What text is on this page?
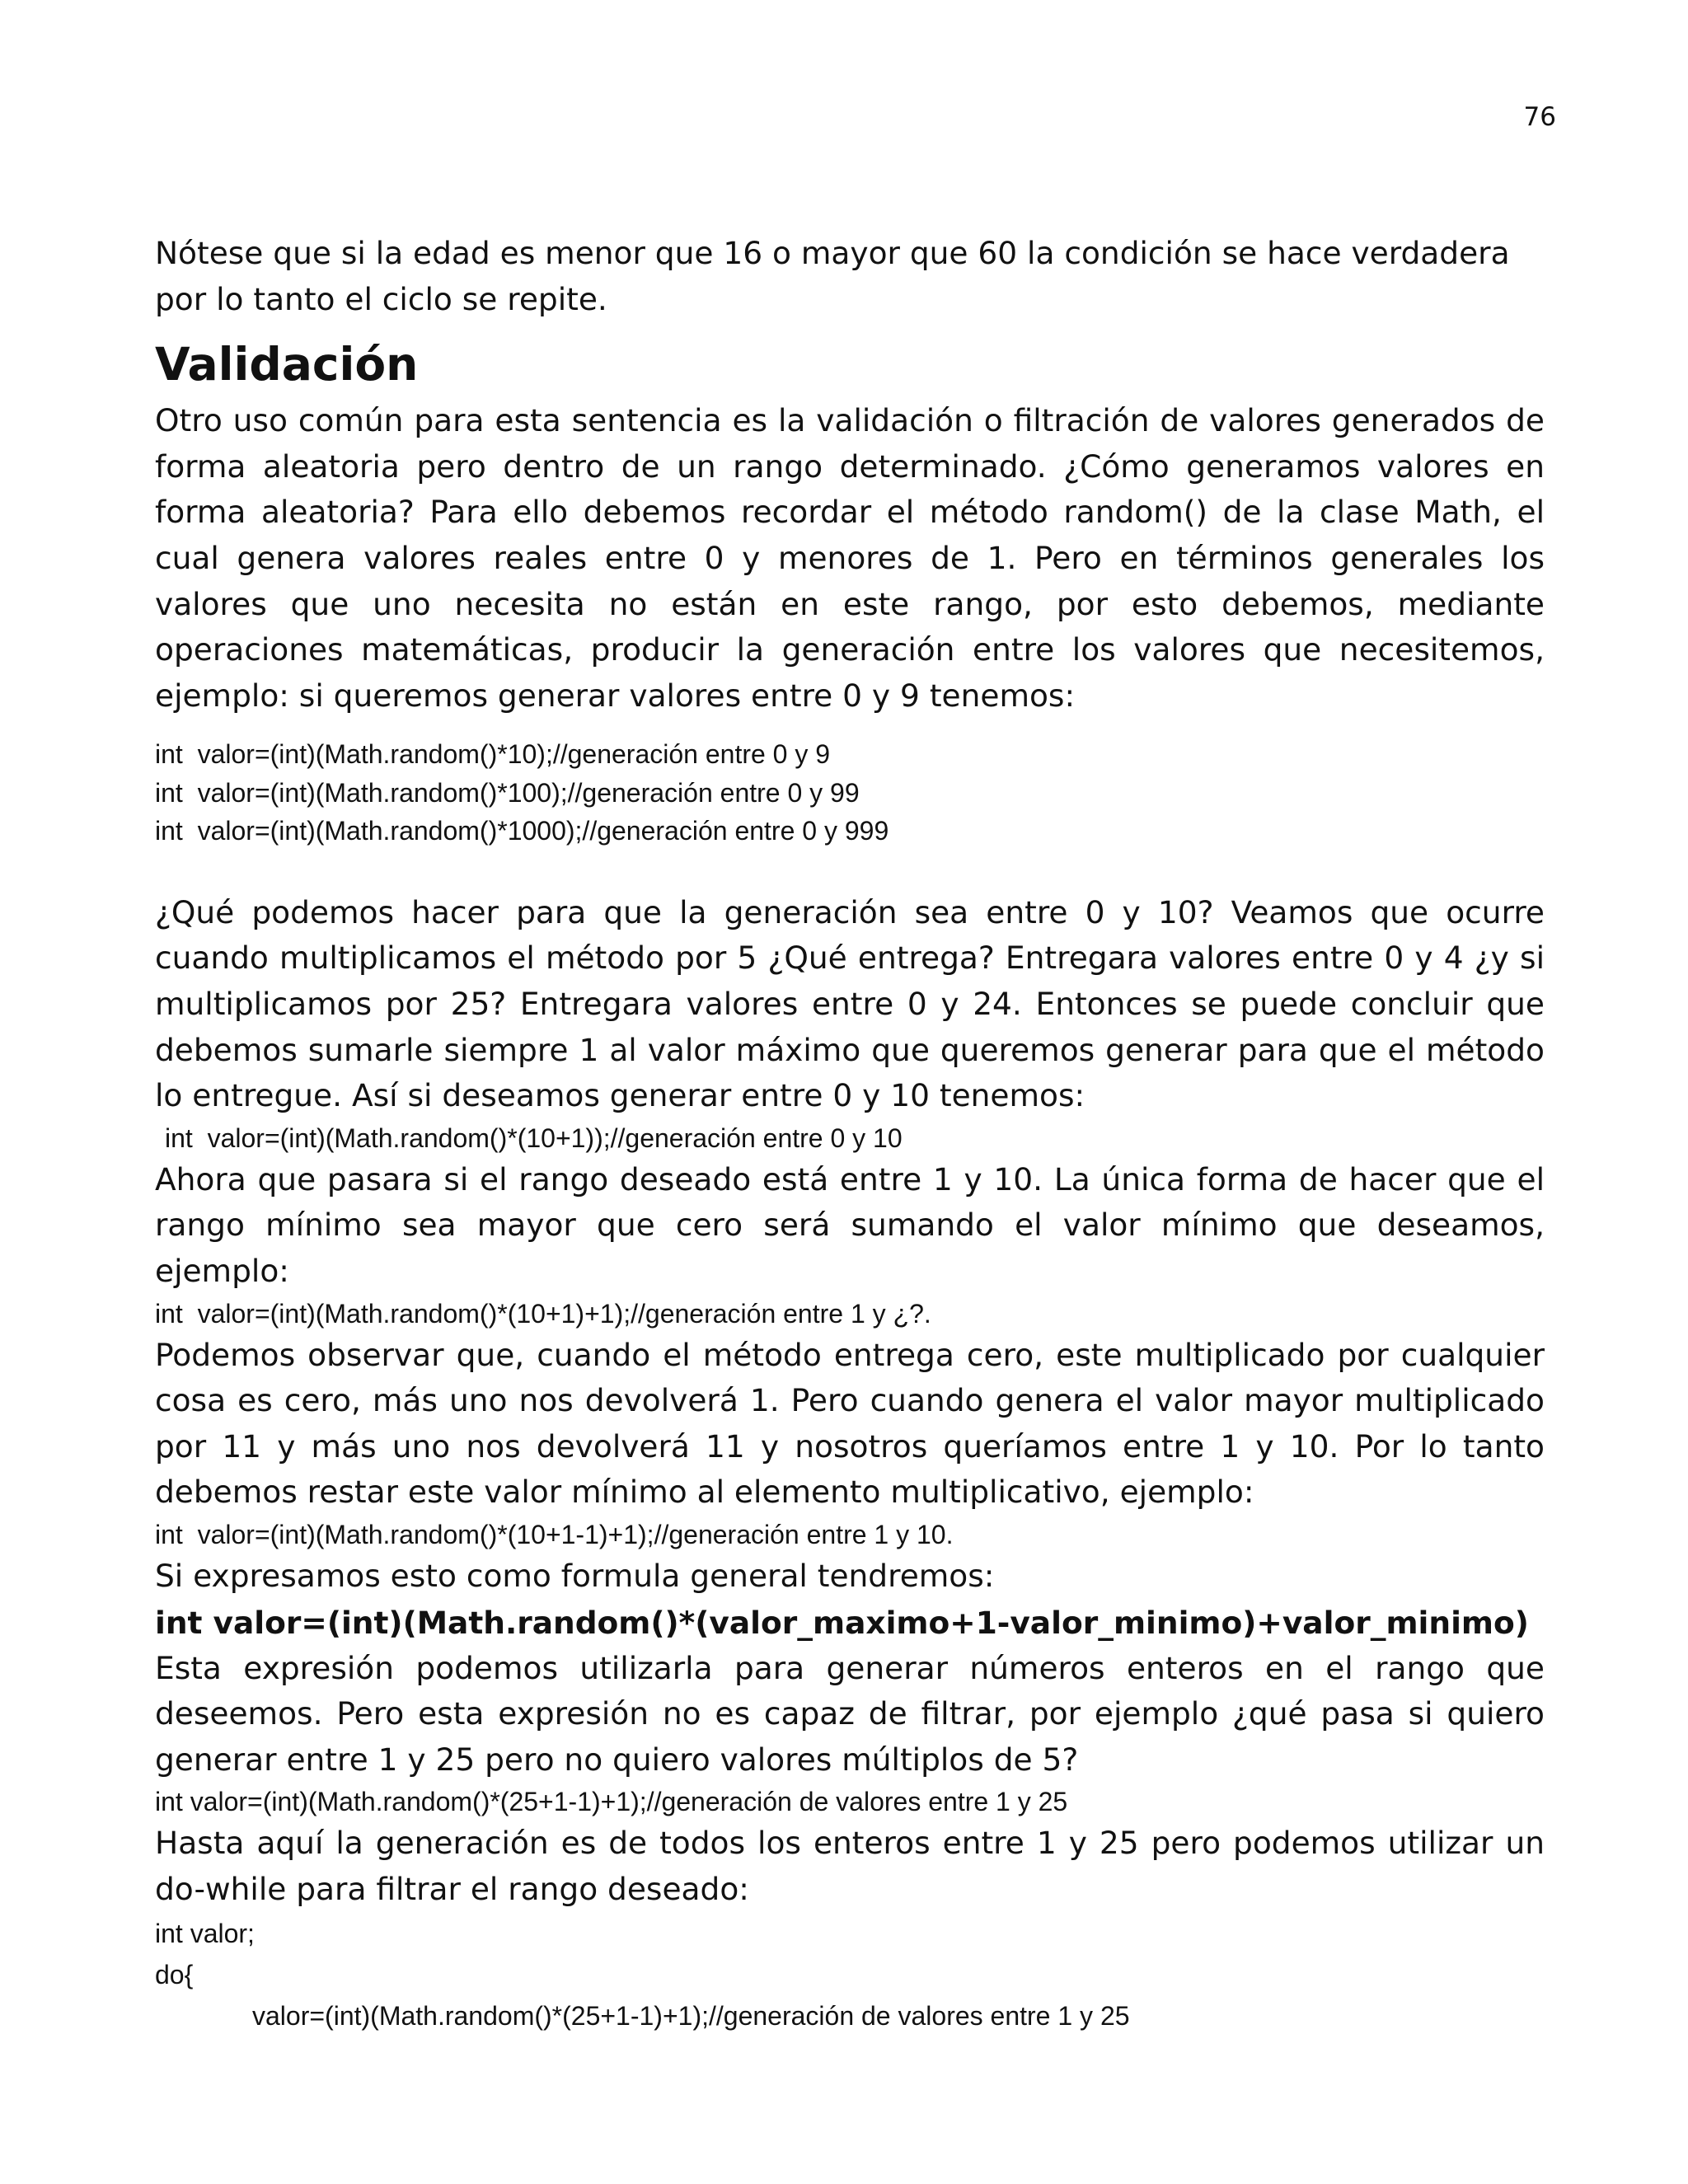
76

Nótese que si la edad es menor que 16 o mayor que 60 la condición se hace verdadera por lo tanto el ciclo se repite.

Validación

Otro uso común para esta sentencia es la validación o filtración de valores generados de forma aleatoria pero dentro de un rango determinado. ¿Cómo generamos valores en forma aleatoria? Para ello debemos recordar el método random() de la clase Math, el cual genera valores reales entre 0 y menores de 1. Pero en términos generales los valores que uno necesita no están en este rango, por esto debemos, mediante operaciones matemáticas, producir la generación entre los valores que necesitemos, ejemplo: si queremos generar valores entre 0 y 9 tenemos:

int  valor=(int)(Math.random()*10);//generación entre 0 y 9
int  valor=(int)(Math.random()*100);//generación entre 0 y 99
int  valor=(int)(Math.random()*1000);//generación entre 0 y 999

¿Qué podemos hacer para que la generación sea entre 0 y 10? Veamos que ocurre cuando multiplicamos el método por 5 ¿Qué entrega? Entregara valores entre 0 y 4 ¿y si multiplicamos por 25? Entregara valores entre 0 y 24. Entonces se puede concluir que debemos sumarle siempre 1 al valor máximo que queremos generar para que el método lo entregue. Así si deseamos generar entre 0 y 10 tenemos:

int  valor=(int)(Math.random()*(10+1));//generación entre 0 y 10

Ahora que pasara si el rango deseado está entre 1 y 10. La única forma de hacer que el rango mínimo sea mayor que cero será sumando el valor mínimo que deseamos, ejemplo:

int  valor=(int)(Math.random()*(10+1)+1);//generación entre 1 y ¿?.

Podemos observar que, cuando el método entrega cero, este multiplicado por cualquier cosa es cero, más uno nos devolverá 1. Pero cuando genera el valor mayor multiplicado por 11 y más uno nos devolverá 11 y nosotros queríamos entre 1 y 10. Por lo tanto debemos restar este valor mínimo al elemento multiplicativo, ejemplo:

int  valor=(int)(Math.random()*(10+1-1)+1);//generación entre 1 y 10.

Si expresamos esto como formula general tendremos:

int valor=(int)(Math.random()*(valor_maximo+1-valor_minimo)+valor_minimo)

Esta expresión podemos utilizarla para generar números enteros en el rango que deseemos. Pero esta expresión no es capaz de filtrar, por ejemplo ¿qué pasa si quiero generar entre 1 y 25 pero no quiero valores múltiplos de 5?

int valor=(int)(Math.random()*(25+1-1)+1);//generación de valores entre 1 y 25

Hasta aquí la generación es de todos los enteros entre 1 y 25 pero podemos utilizar un do-while para filtrar el rango deseado:

int valor;
do{
valor=(int)(Math.random()*(25+1-1)+1);//generación de valores entre 1 y 25
